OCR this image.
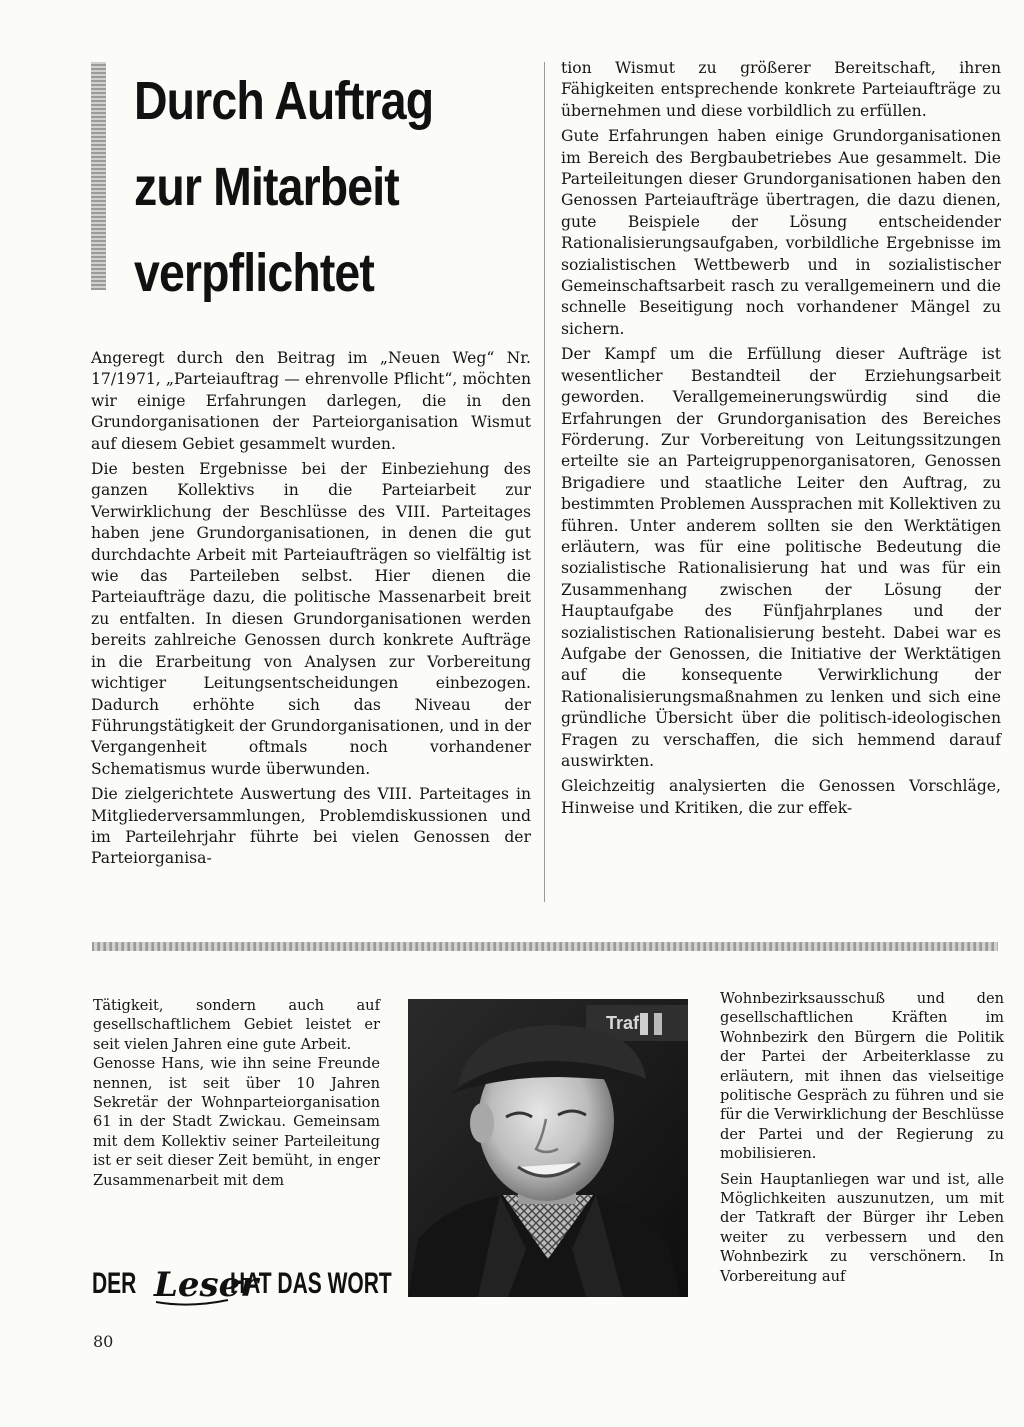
Durch Auftrag
zur Mitarbeit
verpflichtet

Angeregt durch den Beitrag im „Neuen Weg“ Nr. 17/1971, „Parteiauftrag — ehrenvolle Pflicht“, möchten wir einige Erfahrungen darlegen, die in den Grundorganisationen der Parteiorganisation Wismut auf diesem Gebiet gesammelt wurden.

Die besten Ergebnisse bei der Einbeziehung des ganzen Kollektivs in die Parteiarbeit zur Verwirklichung der Beschlüsse des VIII. Parteitages haben jene Grundorganisationen, in denen die gut durchdachte Arbeit mit Parteiaufträgen so vielfältig ist wie das Parteileben selbst. Hier dienen die Parteiaufträge dazu, die politische Massenarbeit breit zu entfalten. In diesen Grundorganisationen werden bereits zahlreiche Genossen durch konkrete Aufträge in die Erarbeitung von Analysen zur Vorbereitung wichtiger Leitungsentscheidungen einbezogen. Dadurch erhöhte sich das Niveau der Führungstätigkeit der Grundorganisationen, und in der Vergangenheit oftmals noch vorhandener Schematismus wurde überwunden.

Die zielgerichtete Auswertung des VIII. Parteitages in Mitgliederversammlungen, Problemdiskussionen und im Parteilehrjahr führte bei vielen Genossen der Parteiorganisa-

tion Wismut zu größerer Bereitschaft, ihren Fähigkeiten entsprechende konkrete Parteiaufträge zu übernehmen und diese vorbildlich zu erfüllen.

Gute Erfahrungen haben einige Grundorganisationen im Bereich des Bergbaubetriebes Aue gesammelt. Die Parteileitungen dieser Grundorganisationen haben den Genossen Parteiaufträge übertragen, die dazu dienen, gute Beispiele der Lösung entscheidender Rationalisierungsaufgaben, vorbildliche Ergebnisse im sozialistischen Wettbewerb und in sozialistischer Gemeinschaftsarbeit rasch zu verallgemeinern und die schnelle Beseitigung noch vorhandener Mängel zu sichern.

Der Kampf um die Erfüllung dieser Aufträge ist wesentlicher Bestandteil der Erziehungsarbeit geworden. Verallgemeinerungswürdig sind die Erfahrungen der Grundorganisation des Bereiches Förderung. Zur Vorbereitung von Leitungssitzungen erteilte sie an Parteigruppenorganisatoren, Genossen Brigadiere und staatliche Leiter den Auftrag, zu bestimmten Problemen Aussprachen mit Kollektiven zu führen. Unter anderem sollten sie den Werktätigen erläutern, was für eine politische Bedeutung die sozialistische Rationalisierung hat und was für ein Zusammenhang zwischen der Lösung der Hauptaufgabe des Fünfjahrplanes und der sozialistischen Rationalisierung besteht. Dabei war es Aufgabe der Genossen, die Initiative der Werktätigen auf die konsequente Verwirklichung der Rationalisierungsmaßnahmen zu lenken und sich eine gründliche Übersicht über die politisch-ideologischen Fragen zu verschaffen, die sich hemmend darauf auswirkten.

Gleichzeitig analysierten die Genossen Vorschläge, Hinweise und Kritiken, die zur effek-

Tätigkeit, sondern auch auf gesellschaftlichem Gebiet leistet er seit vielen Jahren eine gute Arbeit.

Genosse Hans, wie ihn seine Freunde nennen, ist seit über 10 Jahren Sekretär der Wohnparteiorganisation 61 in der Stadt Zwickau. Gemeinsam mit dem Kollektiv seiner Parteileitung ist er seit dieser Zeit bemüht, in enger Zusammenarbeit mit dem

Traf

Wohnbezirksausschuß und den gesellschaftlichen Kräften im Wohnbezirk den Bürgern die Politik der Partei der Arbeiterklasse zu erläutern, mit ihnen das vielseitige politische Gespräch zu führen und sie für die Verwirklichung der Beschlüsse der Partei und der Regierung zu mobilisieren.

Sein Hauptanliegen war und ist, alle Möglichkeiten auszunutzen, um mit der Tatkraft der Bürger ihr Leben weiter zu verbessern und den Wohnbezirk zu verschönern. In Vorbereitung auf

DER Leser
HAT DAS WORT
80
